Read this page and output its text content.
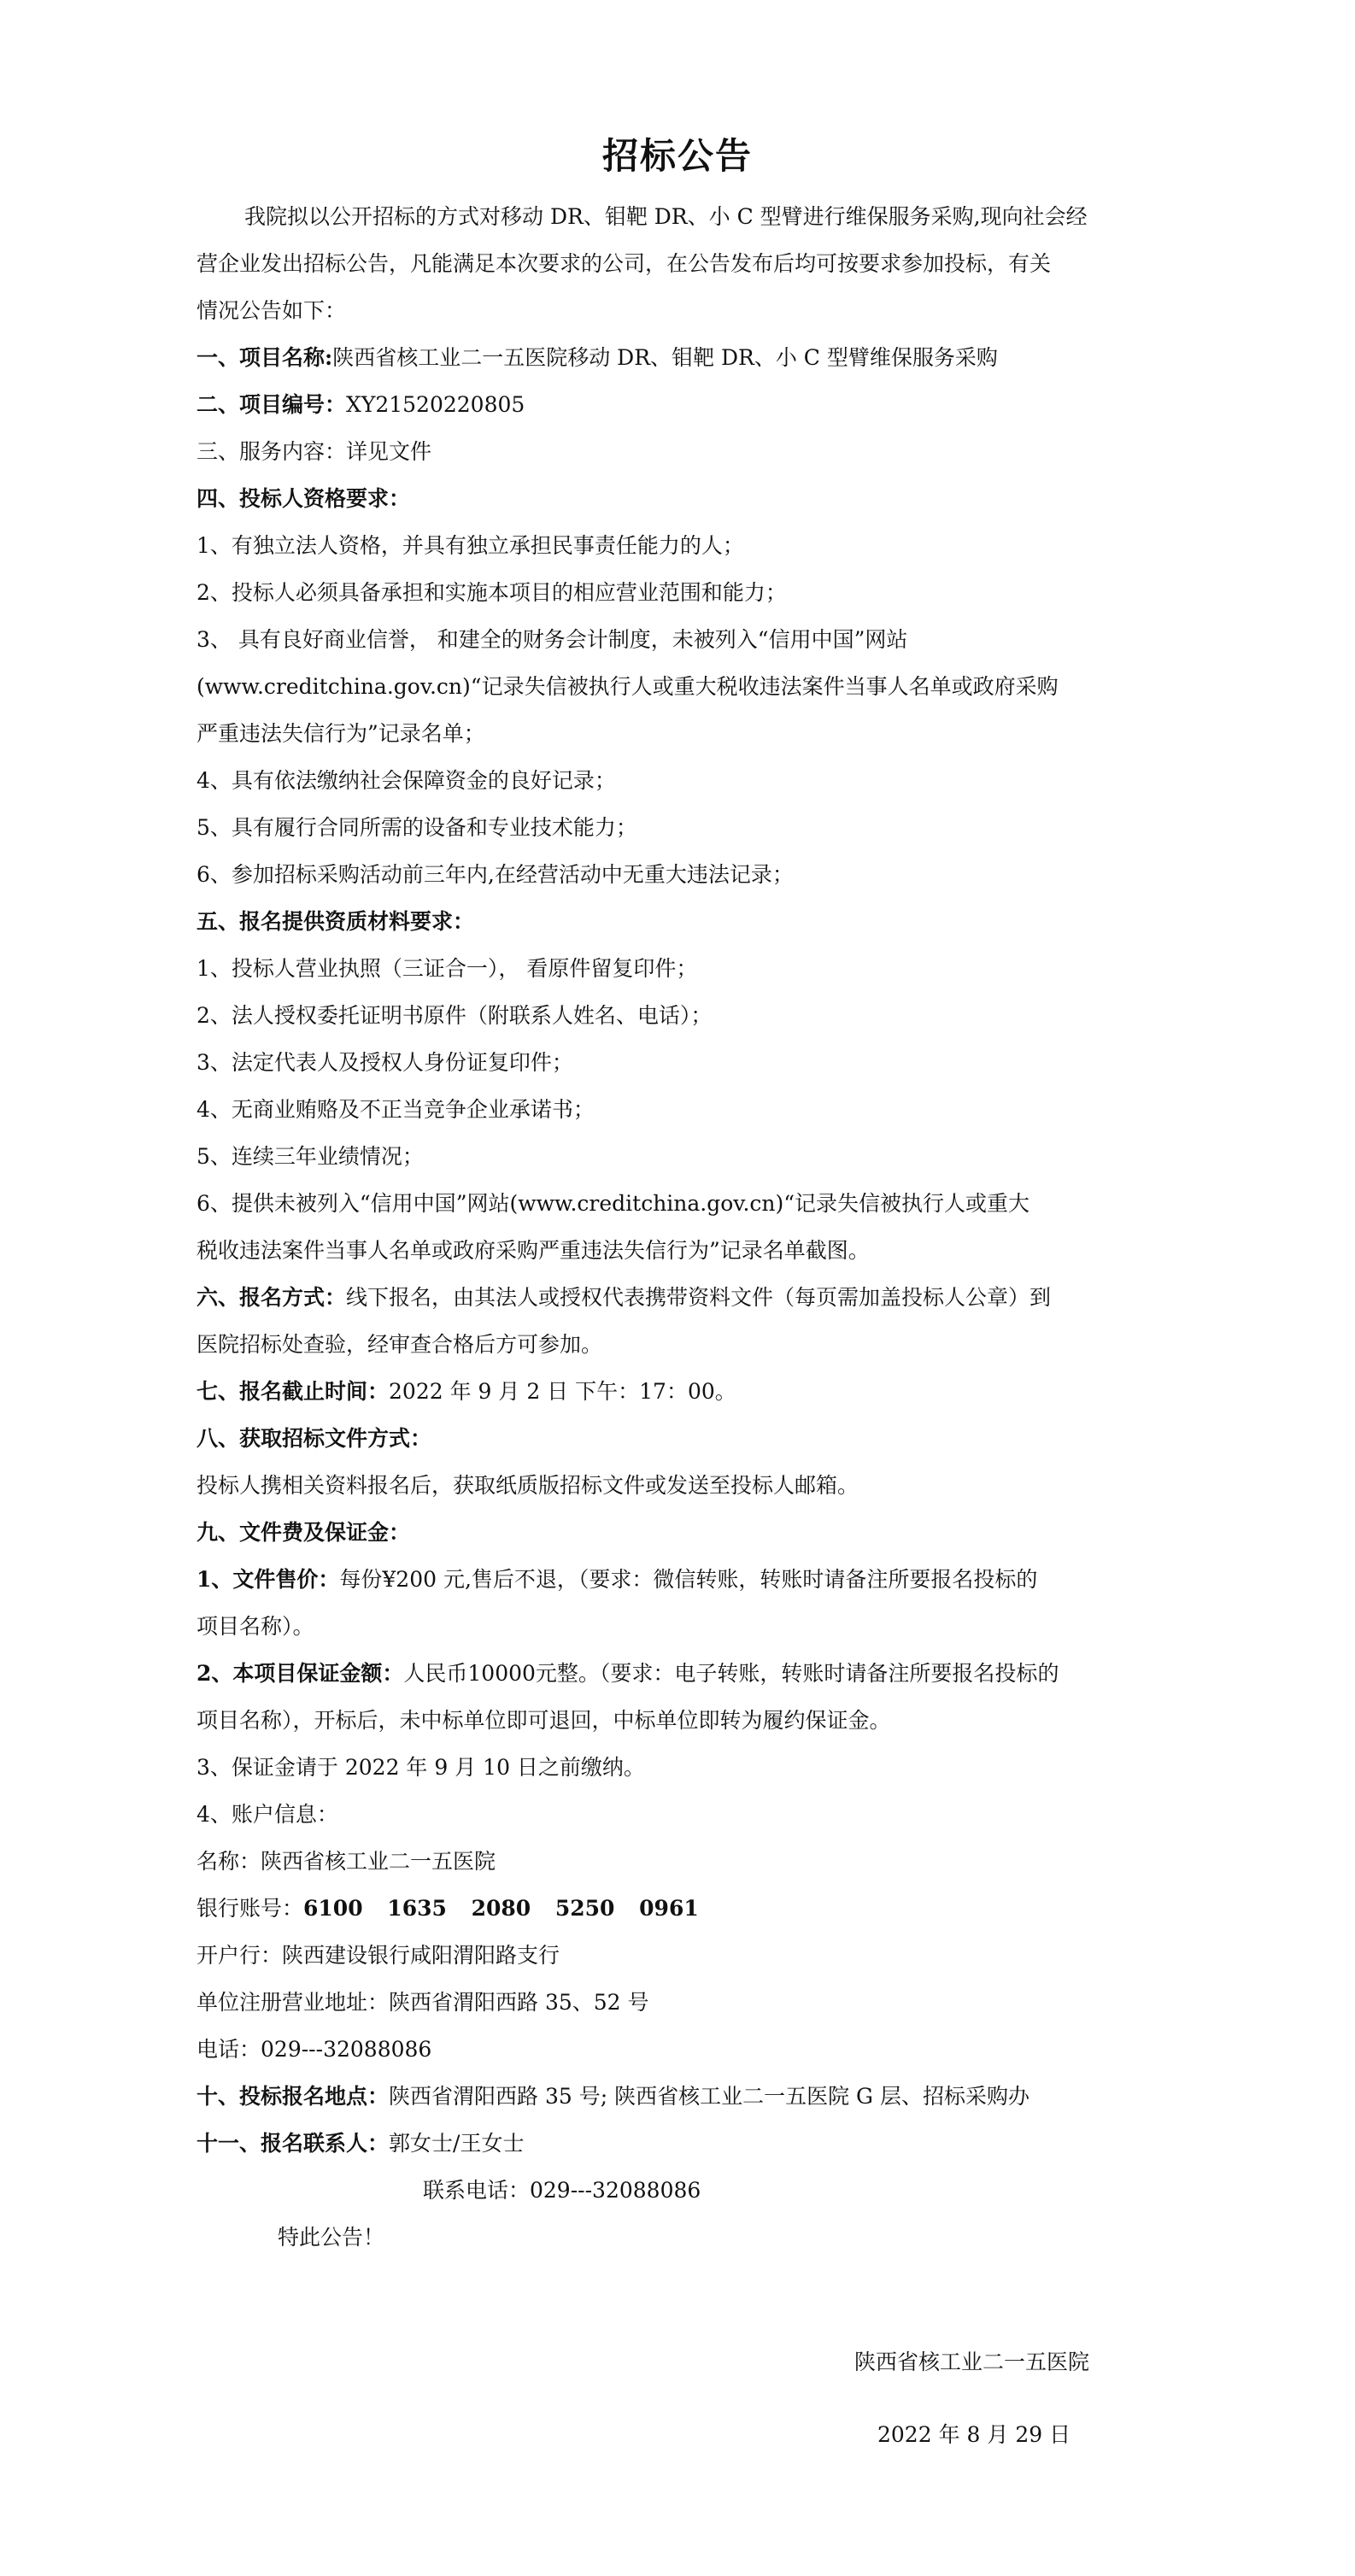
招标公告
我院拟以公开招标的方式对移动 DR、钼靶 DR、小 C 型臂进行维保服务采购,现向社会经
营企业发出招标公告，凡能满足本次要求的公司，在公告发布后均可按要求参加投标，有关
情况公告如下：
一、项目名称:陕西省核工业二一五医院移动 DR、钼靶 DR、小 C 型臂维保服务采购
二、项目编号：XY21520220805
三、服务内容：详见文件
四、投标人资格要求：
1、有独立法人资格，并具有独立承担民事责任能力的人；
2、投标人必须具备承担和实施本项目的相应营业范围和能力；
3、 具有良好商业信誉， 和建全的财务会计制度，未被列入“信用中国”网站
(www.creditchina.gov.cn)“记录失信被执行人或重大税收违法案件当事人名单或政府采购
严重违法失信行为”记录名单；
4、具有依法缴纳社会保障资金的良好记录；
5、具有履行合同所需的设备和专业技术能力；
6、参加招标采购活动前三年内,在经营活动中无重大违法记录；
五、报名提供资质材料要求：
1、投标人营业执照（三证合一）， 看原件留复印件；
2、法人授权委托证明书原件（附联系人姓名、电话）；
3、法定代表人及授权人身份证复印件；
4、无商业贿赂及不正当竞争企业承诺书；
5、连续三年业绩情况；
6、提供未被列入“信用中国”网站(www.creditchina.gov.cn)“记录失信被执行人或重大
税收违法案件当事人名单或政府采购严重违法失信行为”记录名单截图。
六、报名方式：线下报名，由其法人或授权代表携带资料文件（每页需加盖投标人公章）到
医院招标处查验，经审查合格后方可参加。
七、报名截止时间：2022 年 9 月 2 日 下午：17：00。
八、获取招标文件方式：
投标人携相关资料报名后，获取纸质版招标文件或发送至投标人邮箱。
九、文件费及保证金：
1、文件售价：每份¥200 元,售后不退，（要求：微信转账，转账时请备注所要报名投标的
项目名称）。
2、本项目保证金额：人民币10000元整。（要求：电子转账，转账时请备注所要报名投标的
项目名称），开标后，未中标单位即可退回，中标单位即转为履约保证金。
3、保证金请于 2022 年 9 月 10 日之前缴纳。
4、账户信息：
名称：陕西省核工业二一五医院
银行账号：6100 1635 2080 5250 0961
开户行：陕西建设银行咸阳渭阳路支行
单位注册营业地址：陕西省渭阳西路 35、52 号
电话：029---32088086
十、投标报名地点：陕西省渭阳西路 35 号; 陕西省核工业二一五医院 G 层、招标采购办
十一、报名联系人：郭女士/王女士
联系电话：029---32088086
特此公告！
陕西省核工业二一五医院
2022 年 8 月 29 日
